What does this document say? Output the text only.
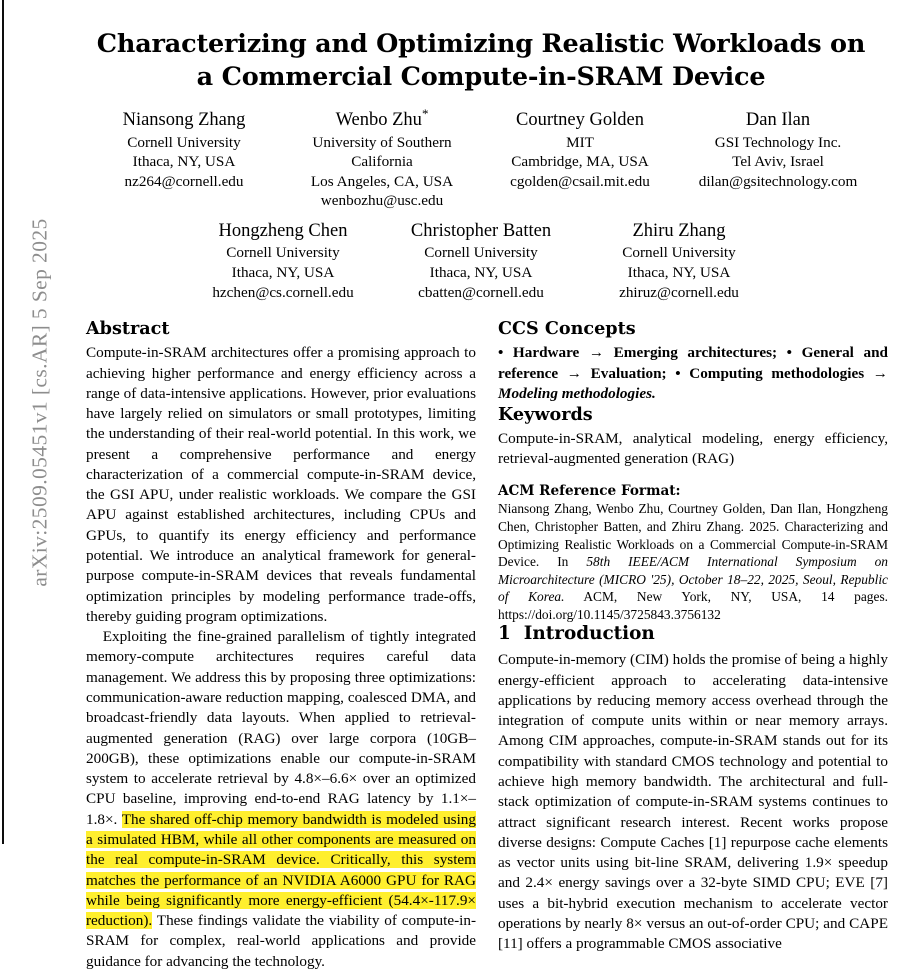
arXiv:2509.05451v1 [cs.AR] 5 Sep 2025
Characterizing and Optimizing Realistic Workloads on a Commercial Compute-in-SRAM Device
Niansong Zhang
Cornell University
Ithaca, NY, USA
nz264@cornell.edu
Wenbo Zhu*
University of Southern California
Los Angeles, CA, USA
wenbozhu@usc.edu
Courtney Golden
MIT
Cambridge, MA, USA
cgolden@csail.mit.edu
Dan Ilan
GSI Technology Inc.
Tel Aviv, Israel
dilan@gsitechnology.com
Hongzheng Chen
Cornell University
Ithaca, NY, USA
hzchen@cs.cornell.edu
Christopher Batten
Cornell University
Ithaca, NY, USA
cbatten@cornell.edu
Zhiru Zhang
Cornell University
Ithaca, NY, USA
zhiruz@cornell.edu
Abstract

Compute-in-SRAM architectures offer a promising approach to achieving higher performance and energy efficiency across a range of data-intensive applications. However, prior evaluations have largely relied on simulators or small prototypes, limiting the understanding of their real-world potential. In this work, we present a comprehensive performance and energy characterization of a commercial compute-in-SRAM device, the GSI APU, under realistic workloads. We compare the GSI APU against established architectures, including CPUs and GPUs, to quantify its energy efficiency and performance potential. We introduce an analytical framework for general-purpose compute-in-SRAM devices that reveals fundamental optimization principles by modeling performance trade-offs, thereby guiding program optimizations.

Exploiting the fine-grained parallelism of tightly integrated memory-compute architectures requires careful data management. We address this by proposing three optimizations: communication-aware reduction mapping, coalesced DMA, and broadcast-friendly data layouts. When applied to retrieval-augmented generation (RAG) over large corpora (10GB–200GB), these optimizations enable our compute-in-SRAM system to accelerate retrieval by 4.8×–6.6× over an optimized CPU baseline, improving end-to-end RAG latency by 1.1×–1.8×. The shared off-chip memory bandwidth is modeled using a simulated HBM, while all other components are measured on the real compute-in-SRAM device. Critically, this system matches the performance of an NVIDIA A6000 GPU for RAG while being significantly more energy-efficient (54.4×-117.9× reduction). These findings validate the viability of compute-in-SRAM for complex, real-world applications and provide guidance for advancing the technology.

CCS Concepts

• Hardware → Emerging architectures; • General and reference → Evaluation; • Computing methodologies → Modeling methodologies.

Keywords

Compute-in-SRAM, analytical modeling, energy efficiency, retrieval-augmented generation (RAG)

ACM Reference Format:

Niansong Zhang, Wenbo Zhu, Courtney Golden, Dan Ilan, Hongzheng Chen, Christopher Batten, and Zhiru Zhang. 2025. Characterizing and Optimizing Realistic Workloads on a Commercial Compute-in-SRAM Device. In 58th IEEE/ACM International Symposium on Microarchitecture (MICRO '25), October 18–22, 2025, Seoul, Republic of Korea. ACM, New York, NY, USA, 14 pages. https://doi.org/10.1145/3725843.3756132

1 Introduction

Compute-in-memory (CIM) holds the promise of being a highly energy-efficient approach to accelerating data-intensive applications by reducing memory access overhead through the integration of compute units within or near memory arrays. Among CIM approaches, compute-in-SRAM stands out for its compatibility with standard CMOS technology and potential to achieve high memory bandwidth. The architectural and full-stack optimization of compute-in-SRAM systems continues to attract significant research interest. Recent works propose diverse designs: Compute Caches [1] repurpose cache elements as vector units using bit-line SRAM, delivering 1.9× speedup and 2.4× energy savings over a 32-byte SIMD CPU; EVE [7] uses a bit-hybrid execution mechanism to accelerate vector operations by nearly 8× versus an out-of-order CPU; and CAPE [11] offers a programmable CMOS associative
